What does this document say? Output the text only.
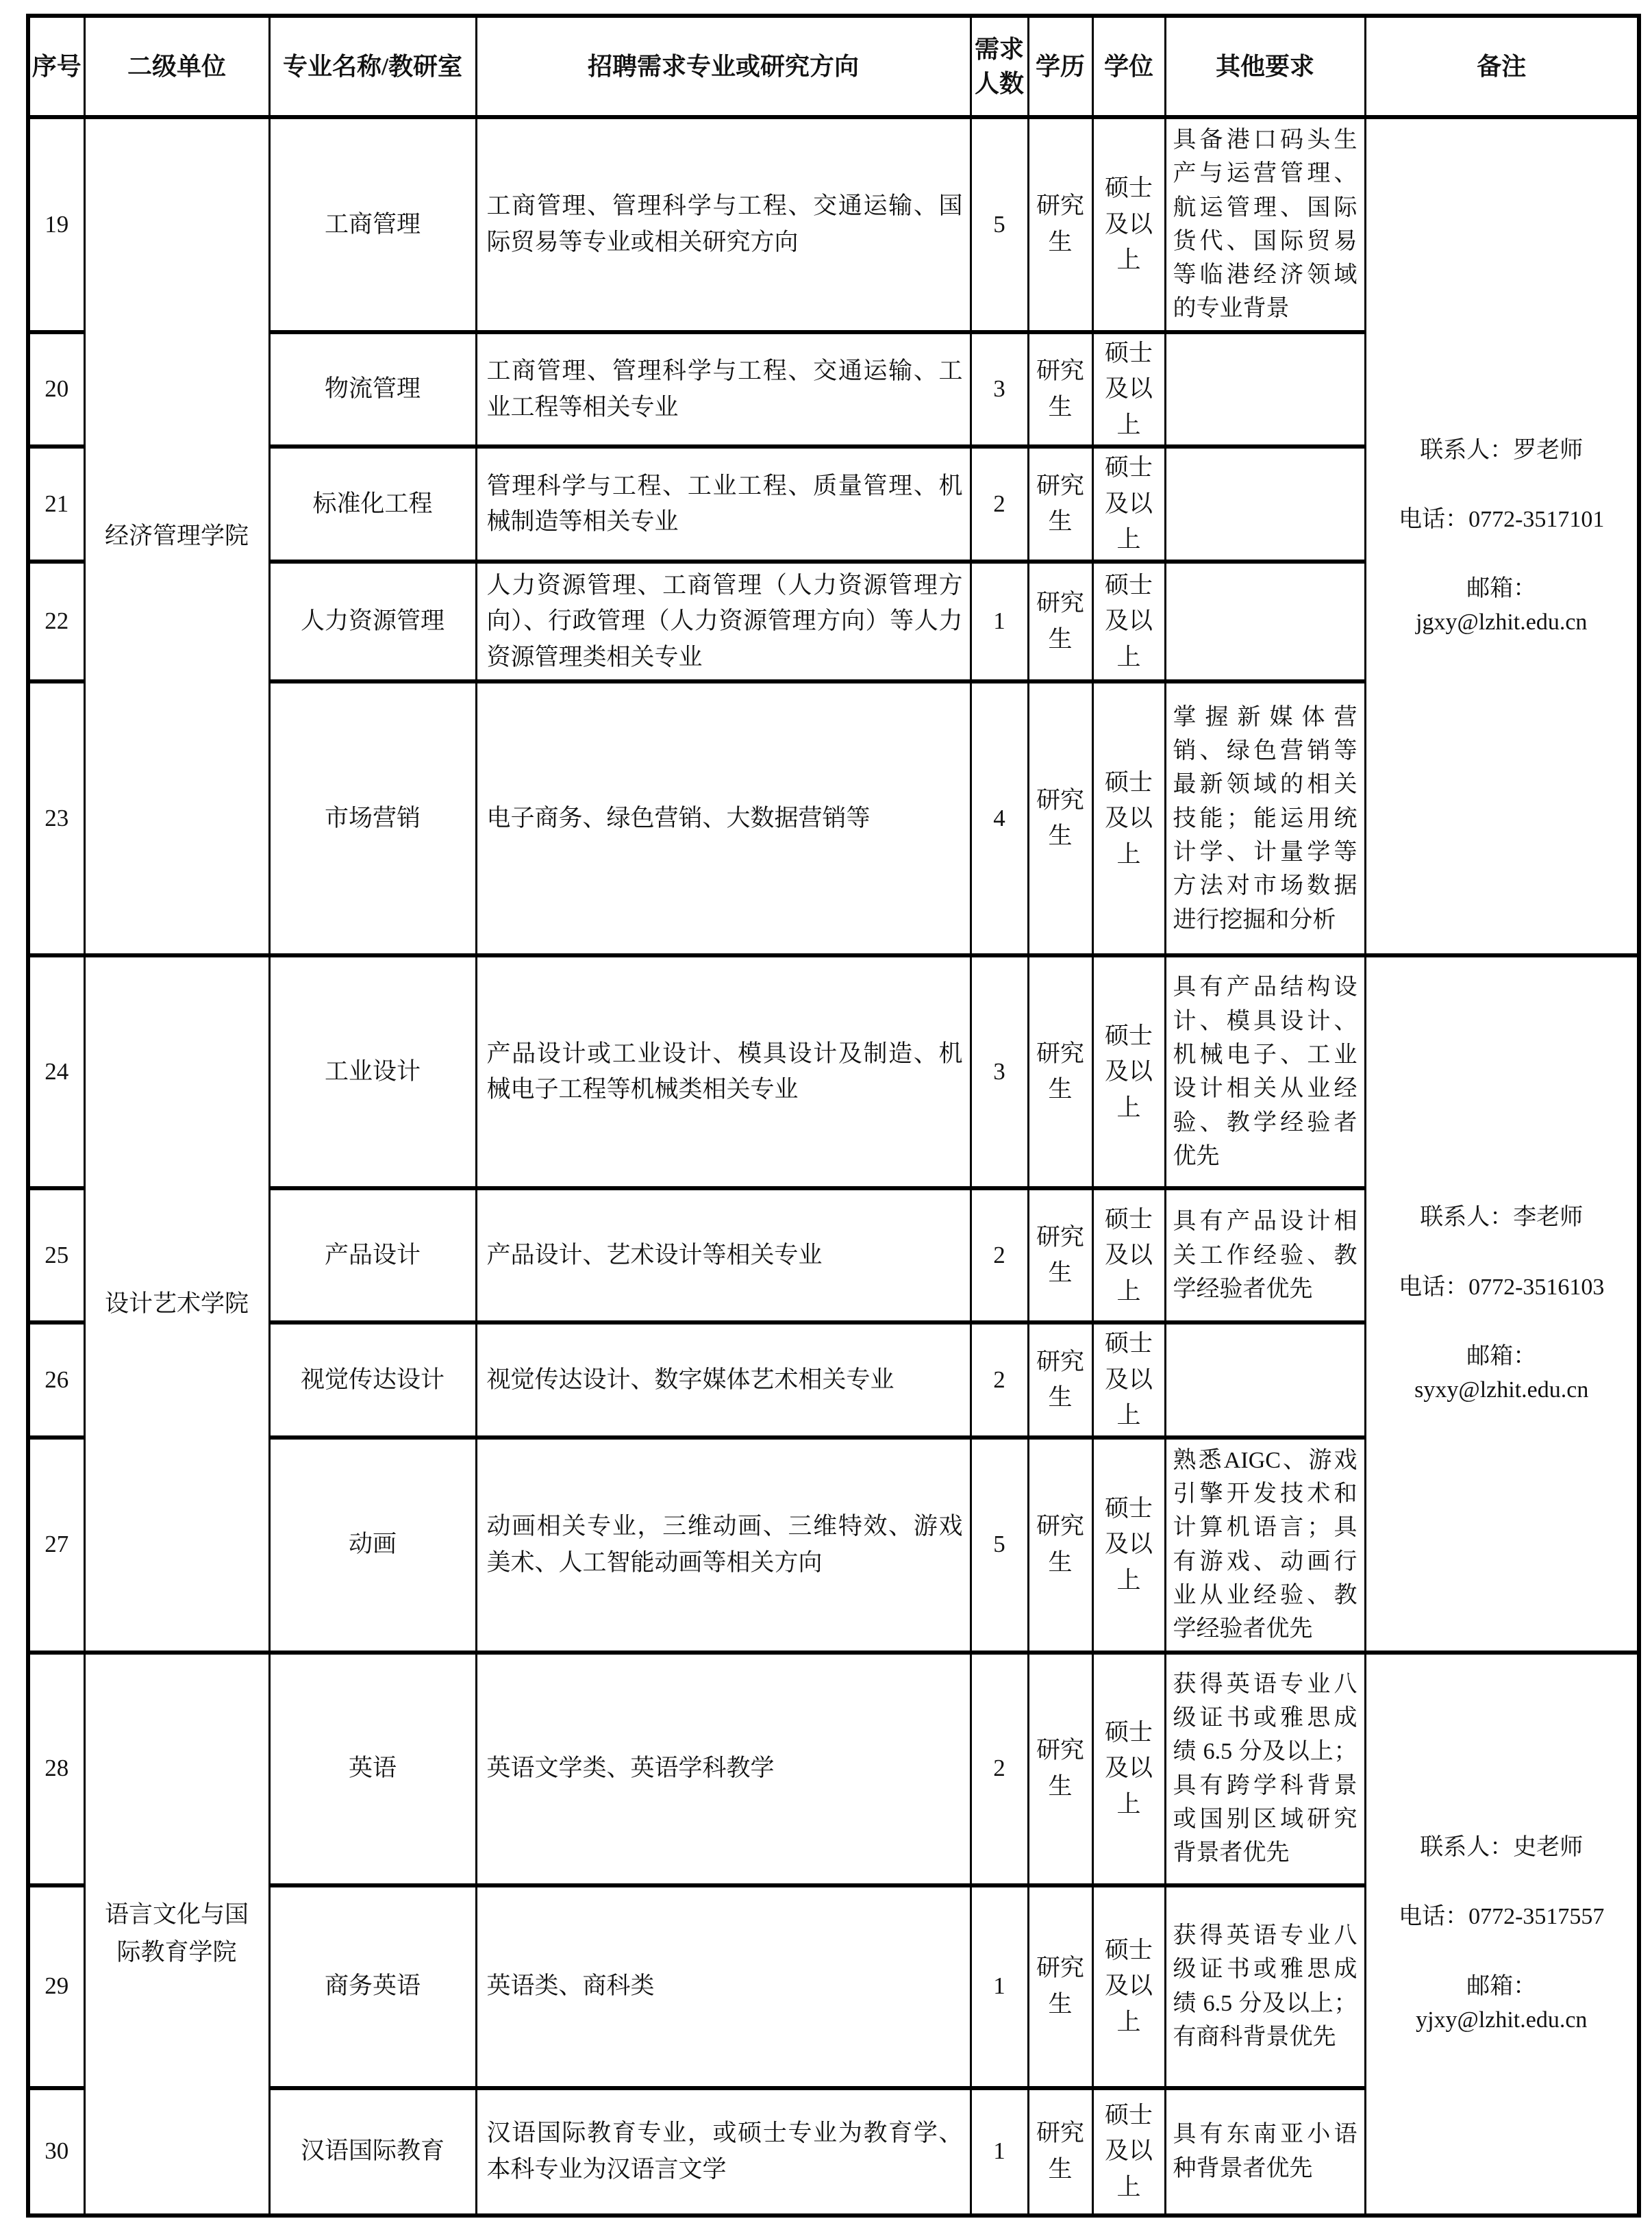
序号	二级单位	专业名称/教研室	招聘需求专业或研究方向	需求人数	学历	学位	其他要求	备注
19	经济管理学院	工商管理	工商管理、管理科学与工程、交通运输、国际贸易等专业或相关研究方向	5	研究生	硕士及以上	具备港口码头生产与运营管理、航运管理、国际货代、国际贸易等临港经济领域的专业背景	联系人：罗老师
电话：0772-3517101
邮箱：
jgxy@lzhit.edu.cn

20		物流管理	工商管理、管理科学与工程、交通运输、工业工程等相关专业	3	研究生	硕士及以上		
21		标准化工程	管理科学与工程、工业工程、质量管理、机械制造等相关专业	2	研究生	硕士及以上		
22		人力资源管理	人力资源管理、工商管理（人力资源管理方向）、行政管理（人力资源管理方向）等人力资源管理类相关专业	1	研究生	硕士及以上		
23		市场营销	电子商务、绿色营销、大数据营销等	4	研究生	硕士及以上	掌握新媒体营销、绿色营销等最新领域的相关技能；能运用统计学、计量学等方法对市场数据进行挖掘和分析	
24	设计艺术学院	工业设计	产品设计或工业设计、模具设计及制造、机械电子工程等机械类相关专业	3	研究生	硕士及以上	具有产品结构设计、模具设计、机械电子、工业设计相关从业经验、教学经验者优先	联系人：李老师
电话：0772-3516103
邮箱：
syxy@lzhit.edu.cn

25		产品设计	产品设计、艺术设计等相关专业	2	研究生	硕士及以上	具有产品设计相关工作经验、教学经验者优先	
26		视觉传达设计	视觉传达设计、数字媒体艺术相关专业	2	研究生	硕士及以上		
27		动画	动画相关专业，三维动画、三维特效、游戏美术、人工智能动画等相关方向	5	研究生	硕士及以上	熟悉AIGC、游戏引擎开发技术和计算机语言；具有游戏、动画行业从业经验、教学经验者优先	
28	语言文化与国际教育学院	英语	英语文学类、英语学科教学	2	研究生	硕士及以上	获得英语专业八级证书或雅思成绩 6.5 分及以上；具有跨学科背景或国别区域研究背景者优先	联系人：史老师
电话：0772-3517557
邮箱：
yjxy@lzhit.edu.cn

29		商务英语	英语类、商科类	1	研究生	硕士及以上	获得英语专业八级证书或雅思成绩 6.5 分及以上；有商科背景优先	
30		汉语国际教育	汉语国际教育专业，或硕士专业为教育学、本科专业为汉语言文学	1	研究生	硕士及以上	具有东南亚小语种背景者优先	
